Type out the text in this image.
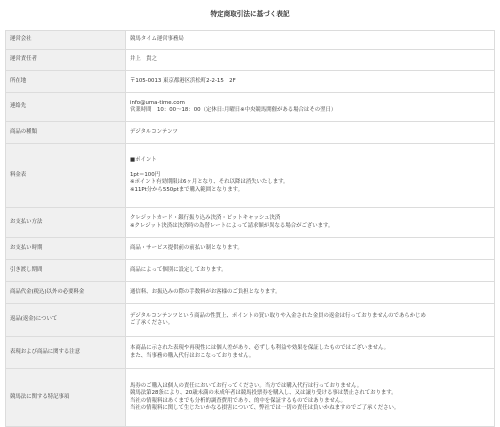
特定商取引法に基づく表記
運営会社	競馬タイム運営事務局

運営責任者	井上　貴之

所在地	〒105-0013 東京都港区浜松町2-2-15　2F

連絡先	info@uma-time.com
営業時間　10：00～18：00（定休日:月曜日※中央競馬開催がある場合はその翌日）

商品の種類	デジタルコンテンツ

料金表	■ポイント
1pt＝100円
※ポイント有効期限は6ヶ月となり、それ以降は消失いたします。
※11Pt分から550ptまで購入範囲となります。

お支払い方法	クレジットカード・銀行振り込み決済・ビットキャッシュ決済
※クレジット決済は決済時の為替レートによって請求額が異なる場合がございます。

お支払い時期	商品・サービス提供前の前払い制となります。

引き渡し期間	商品によって個別に設定しております。

商品代金(税込)以外の必要料金	通信料、お振込みの際の手数料がお客様のご負担となります。

返品(返金)について	デジタルコンテンツという商品の性質上、ポイントの買い取りや入金された金員の返金は行っておりませんのであらかじめ
ご了承ください。

表現および商品に関する注意	本商品に示された表現や再現性には個人差があり、必ずしも利益や効果を保証したものではございません。
また、当事務の購入代行はおこなっておりません。

競馬法に関する特記事項	馬券のご購入は個人の責任においてお行ってください。当方では購入代行は行っておりません。
競馬法第28条により、20歳未満の未成年者は競馬投票券を購入し、又は譲り受ける事は禁止されております。
当社の情報料はあくまでも分析的調査費用であり、的中を保証するものではありません。
当社の情報料に関して生じたいかなる損害について、弊社では一切の責任は負いかねますのでご了承ください。
